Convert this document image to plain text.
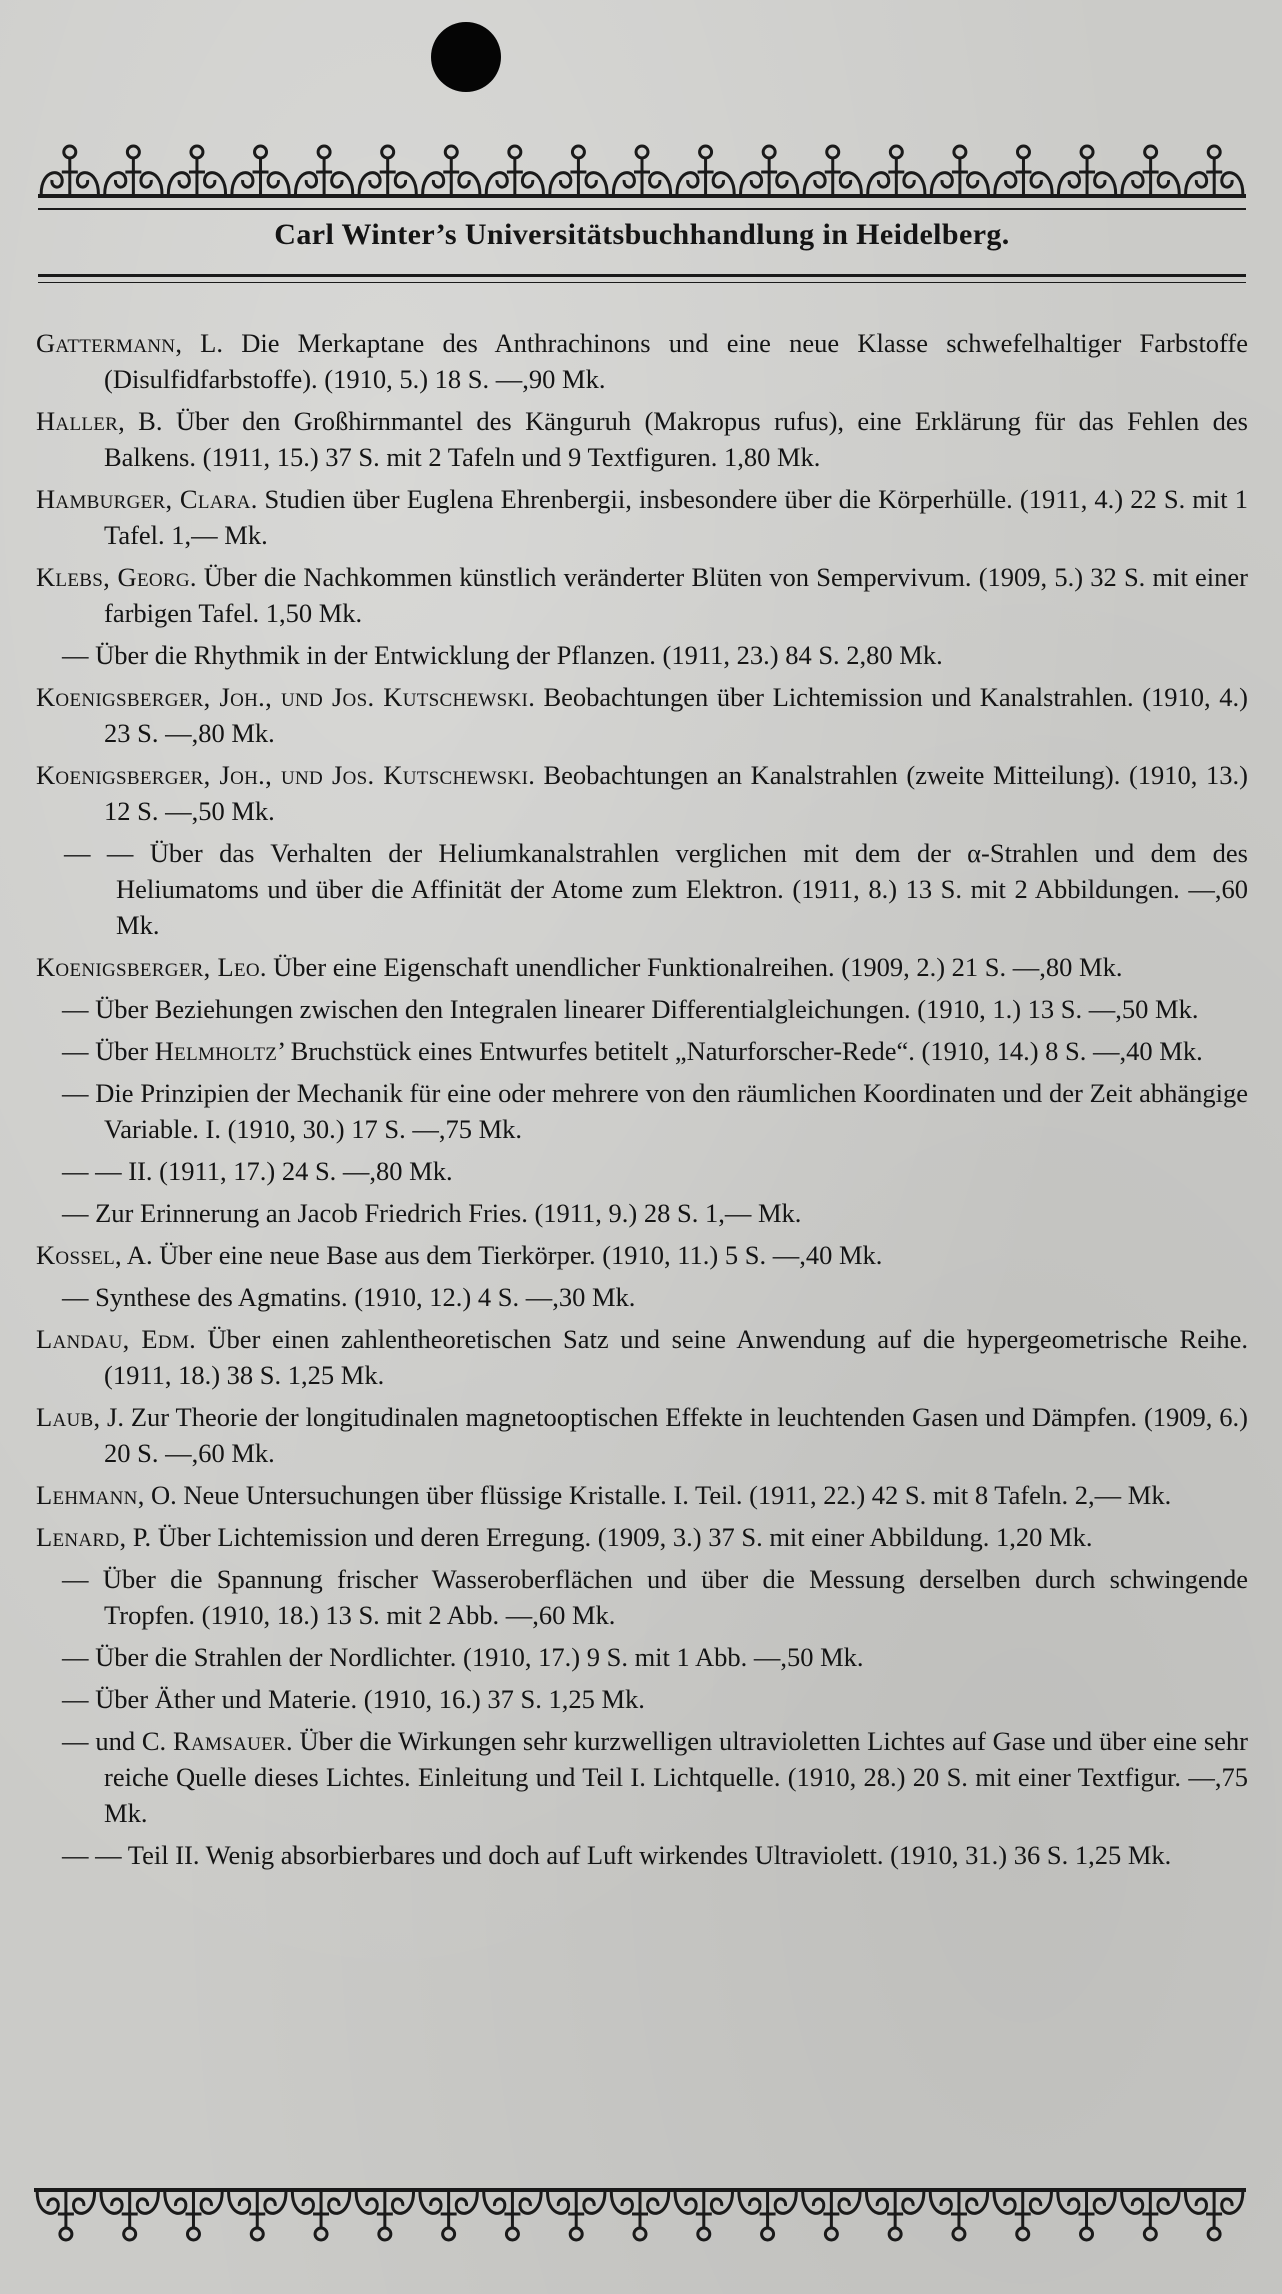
Carl Winter’s Universitätsbuchhandlung in Heidelberg.

Gattermann, L. Die Merkaptane des Anthrachinons und eine neue Klasse schwefelhaltiger Farbstoffe (Disulfidfarbstoffe). (1910, 5.) 18 S. —,90 Mk.

Haller, B. Über den Großhirnmantel des Känguruh (Makropus rufus), eine Erklärung für das Fehlen des Balkens. (1911, 15.) 37 S. mit 2 Tafeln und 9 Textfiguren. 1,80 Mk.

Hamburger, Clara. Studien über Euglena Ehrenbergii, insbesondere über die Körperhülle. (1911, 4.) 22 S. mit 1 Tafel. 1,— Mk.

Klebs, Georg. Über die Nachkommen künstlich veränderter Blüten von Sempervivum. (1909, 5.) 32 S. mit einer farbigen Tafel. 1,50 Mk.

— Über die Rhythmik in der Entwicklung der Pflanzen. (1911, 23.) 84 S. 2,80 Mk.

Koenigsberger, Joh., und Jos. Kutschewski. Beobachtungen über Lichtemission und Kanalstrahlen. (1910, 4.) 23 S. —,80 Mk.

Koenigsberger, Joh., und Jos. Kutschewski. Beobachtungen an Kanalstrahlen (zweite Mitteilung). (1910, 13.) 12 S. —,50 Mk.

— — Über das Verhalten der Heliumkanalstrahlen verglichen mit dem der α-Strahlen und dem des Heliumatoms und über die Affinität der Atome zum Elektron. (1911, 8.) 13 S. mit 2 Abbildungen. —,60 Mk.

Koenigsberger, Leo. Über eine Eigenschaft unendlicher Funktionalreihen. (1909, 2.) 21 S. —,80 Mk.

— Über Beziehungen zwischen den Integralen linearer Differentialgleichungen. (1910, 1.) 13 S. —,50 Mk.

— Über Helmholtz’ Bruchstück eines Entwurfes betitelt „Naturforscher-Rede“. (1910, 14.) 8 S. —,40 Mk.

— Die Prinzipien der Mechanik für eine oder mehrere von den räumlichen Koordinaten und der Zeit abhängige Variable. I. (1910, 30.) 17 S. —,75 Mk.

— — II. (1911, 17.) 24 S. —,80 Mk.

— Zur Erinnerung an Jacob Friedrich Fries. (1911, 9.) 28 S. 1,— Mk.

Kossel, A. Über eine neue Base aus dem Tierkörper. (1910, 11.) 5 S. —,40 Mk.

— Synthese des Agmatins. (1910, 12.) 4 S. —,30 Mk.

Landau, Edm. Über einen zahlentheoretischen Satz und seine Anwendung auf die hypergeometrische Reihe. (1911, 18.) 38 S. 1,25 Mk.

Laub, J. Zur Theorie der longitudinalen magnetooptischen Effekte in leuchtenden Gasen und Dämpfen. (1909, 6.) 20 S. —,60 Mk.

Lehmann, O. Neue Untersuchungen über flüssige Kristalle. I. Teil. (1911, 22.) 42 S. mit 8 Tafeln. 2,— Mk.

Lenard, P. Über Lichtemission und deren Erregung. (1909, 3.) 37 S. mit einer Abbildung. 1,20 Mk.

— Über die Spannung frischer Wasseroberflächen und über die Messung derselben durch schwingende Tropfen. (1910, 18.) 13 S. mit 2 Abb. —,60 Mk.

— Über die Strahlen der Nordlichter. (1910, 17.) 9 S. mit 1 Abb. —,50 Mk.

— Über Äther und Materie. (1910, 16.) 37 S. 1,25 Mk.

— und C. Ramsauer. Über die Wirkungen sehr kurzwelligen ultravioletten Lichtes auf Gase und über eine sehr reiche Quelle dieses Lichtes. Einleitung und Teil I. Lichtquelle. (1910, 28.) 20 S. mit einer Textfigur. —,75 Mk.

— — Teil II. Wenig absorbierbares und doch auf Luft wirkendes Ultraviolett. (1910, 31.) 36 S. 1,25 Mk.
